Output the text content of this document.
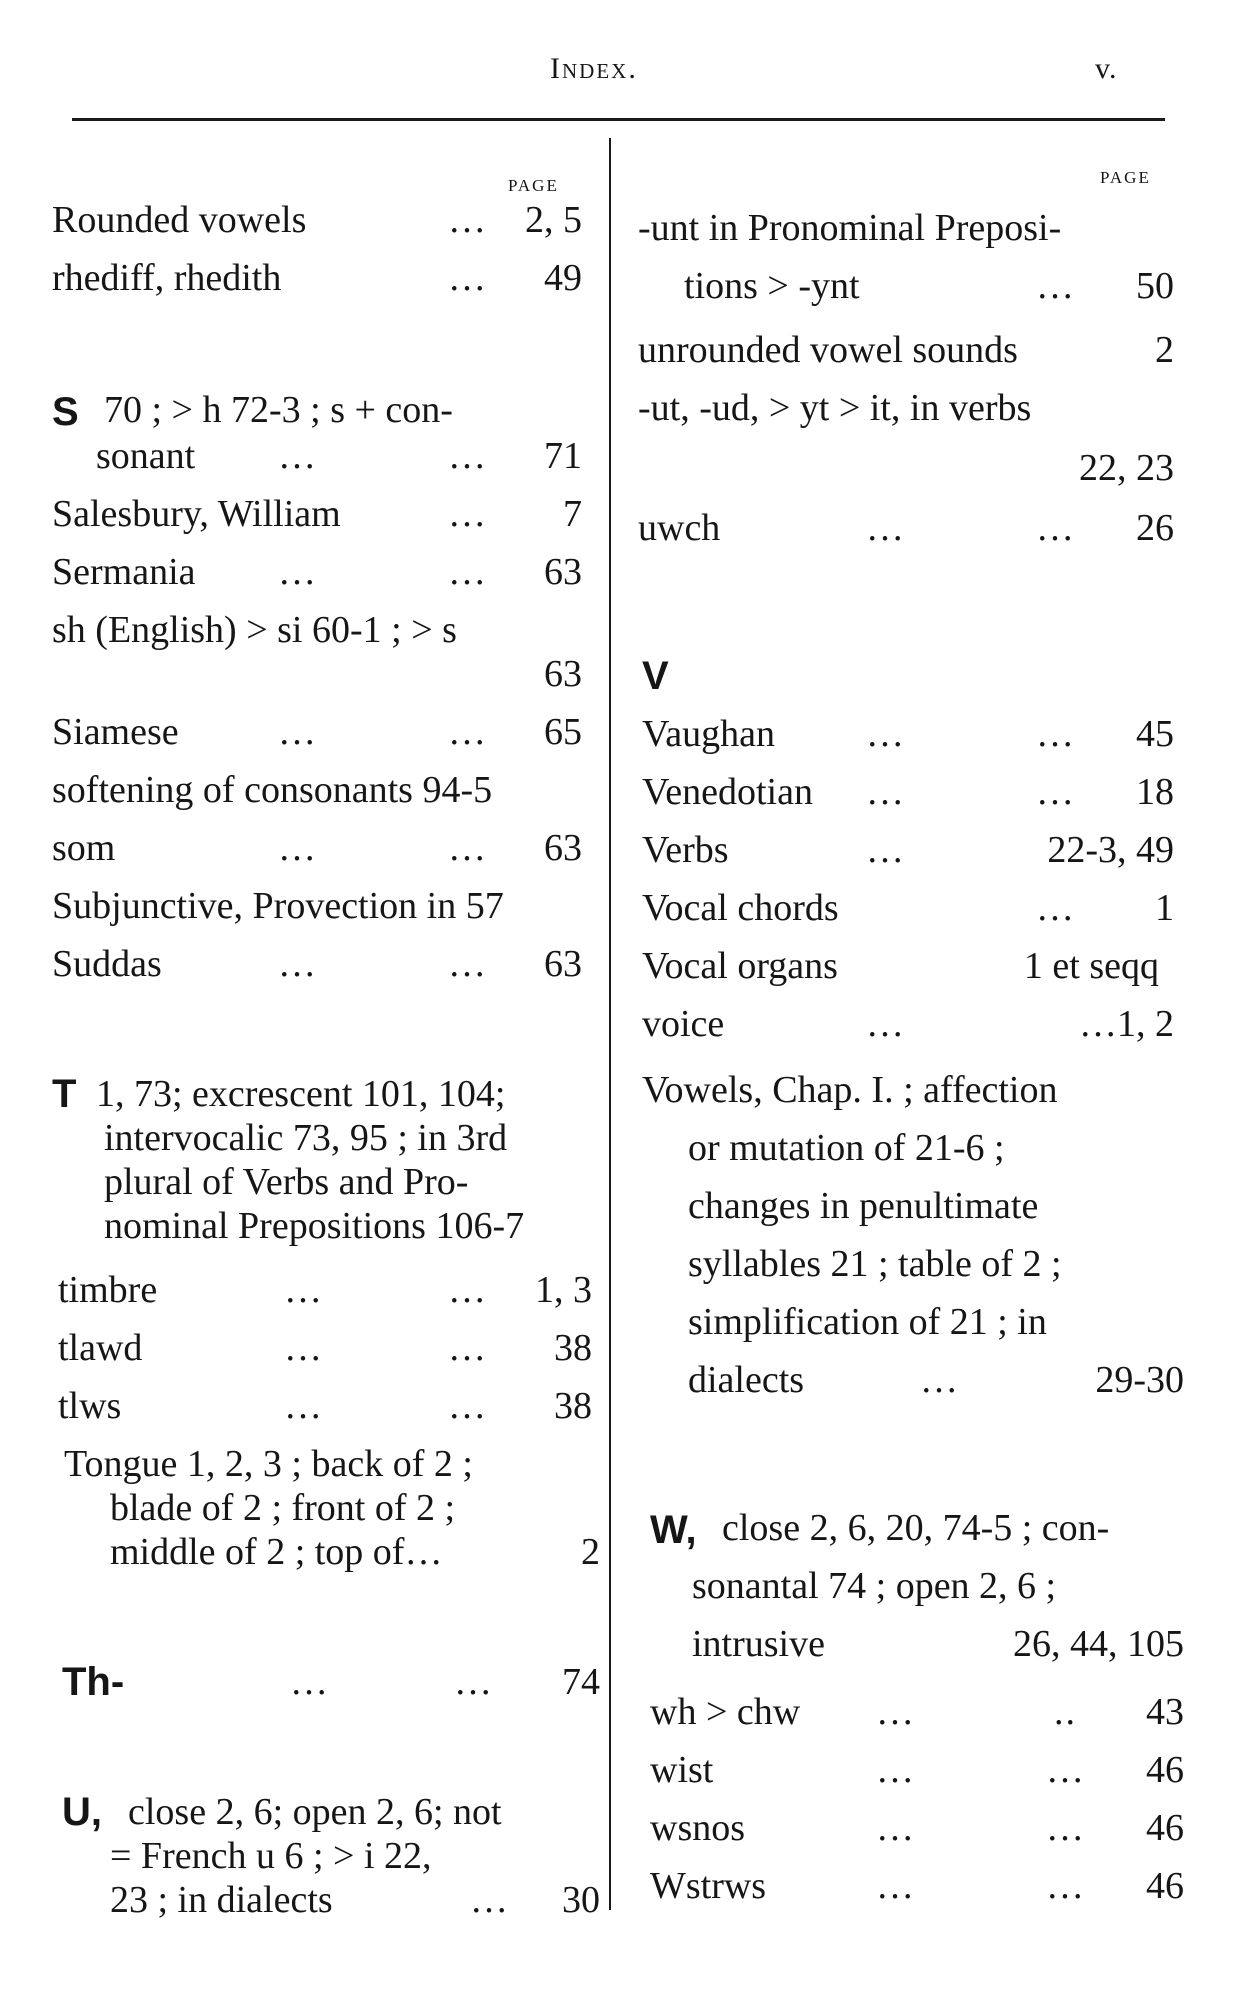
Index.	v.
PAGE
Rounded vowels	… 2, 5
rhediff, rhedith	… 49
S 70 ; > h 72-3 ; s + con-
sonant …	… 71
Salesbury, William	… 7
Sermania …	… 63
sh (English) > si 60-1 ; > s
63
Siamese	…	… 65
softening of consonants 94-5
som	…	… 63
Subjunctive, Provection in 57
Suddas	…	… 63
T 1, 73; excrescent 101, 104;
intervocalic 73, 95 ; in 3rd
plural of Verbs and Pro-
nominal Prepositions 106-7
timbre	…	… 1, 3
tlawd	…	… 38
tlws	…	… 38
Tongue 1, 2, 3 ; back of 2 ;
blade of 2 ; front of 2 ;
middle of 2 ; top of…	2
Th-	…	… 74
U, close 2, 6; open 2, 6; not
= French u 6 ; > i 22,
23 ; in dialects	… 30
PAGE
-unt in Pronominal Preposi-
tions > -ynt	… 50
unrounded vowel sounds	2
-ut, -ud, > yt > it, in verbs
22, 23
uwch	…	… 26
V
Vaughan …	… 45
Venedotian …	… 18
Verbs	…	22-3, 49
Vocal chords	… 1
Vocal organs	1 et seqq
voice	…	…1, 2
Vowels, Chap. I. ; affection
or mutation of 21-6 ;
changes in penultimate
syllables 21 ; table of 2 ;
simplification of 21 ; in
dialects	…	29-30
W, close 2, 6, 20, 74-5 ; con-
sonantal 74 ; open 2, 6 ;
intrusive	26, 44, 105
wh > chw …	.. 43
wist	…	… 46
wsnos	…	… 46
Wstrws	…	… 46
